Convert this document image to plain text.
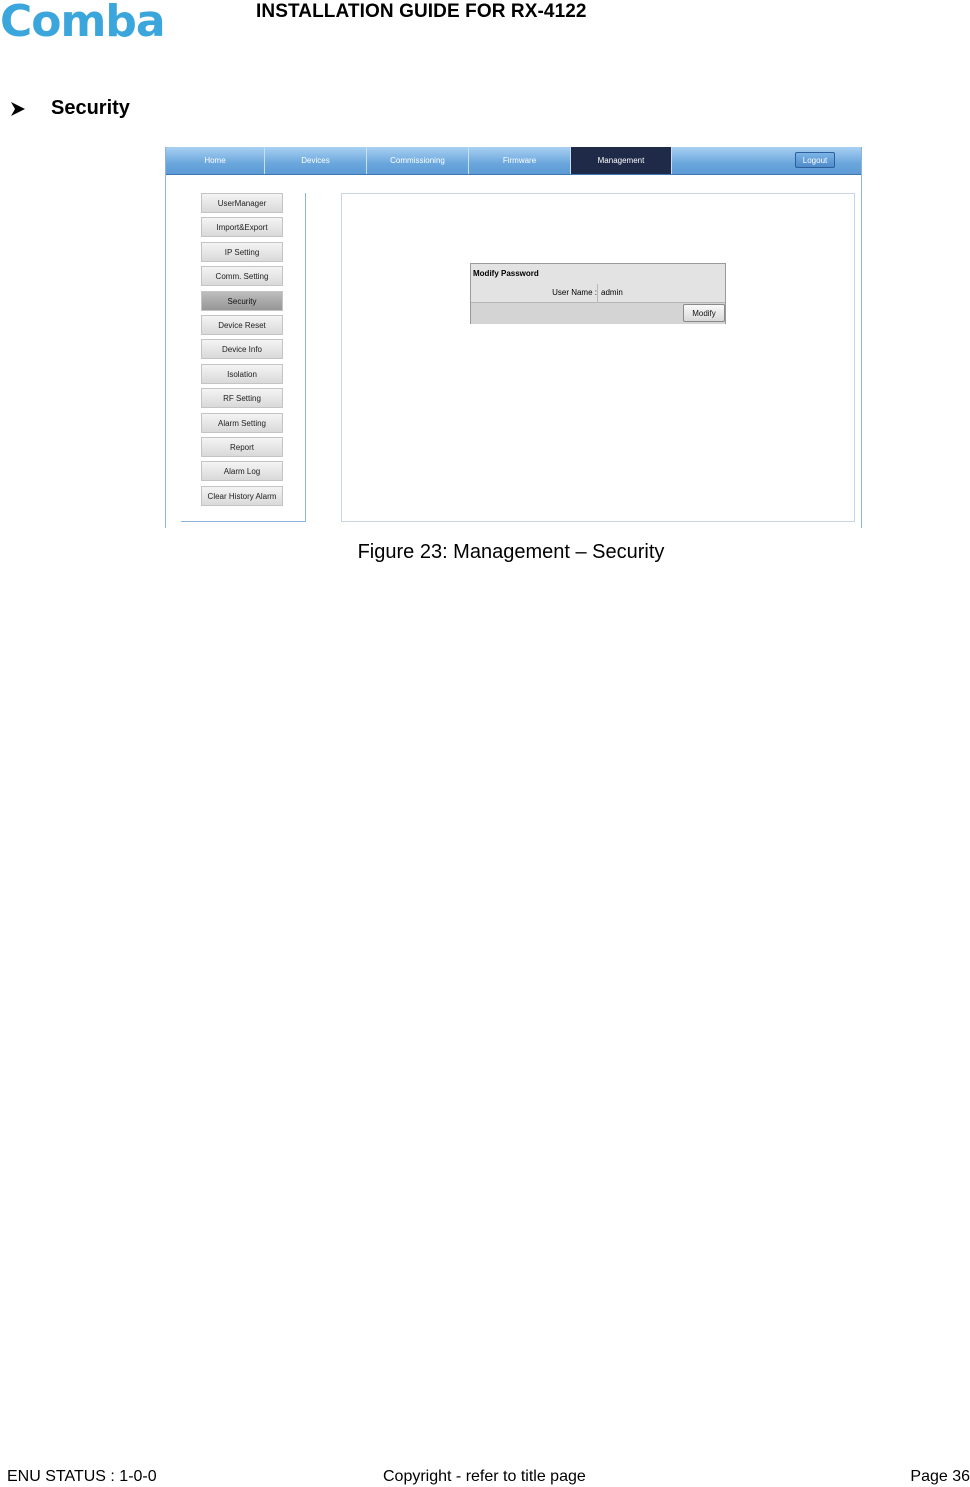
Comba	INSTALLATION GUIDE FOR RX-4122
Security
Home	Devices	Commissioning	Firmware	Management	Logout
UserManager
Import&Export
IP Setting
Comm. Setting
Security
Device Reset
Device Info
Isolation
RF Setting
Alarm Setting
Report
Alarm Log
Clear History Alarm
Modify Password
User Name : admin
Modify
Figure 23: Management – Security
ENU STATUS : 1-0-0	Copyright - refer to title page	Page 36
